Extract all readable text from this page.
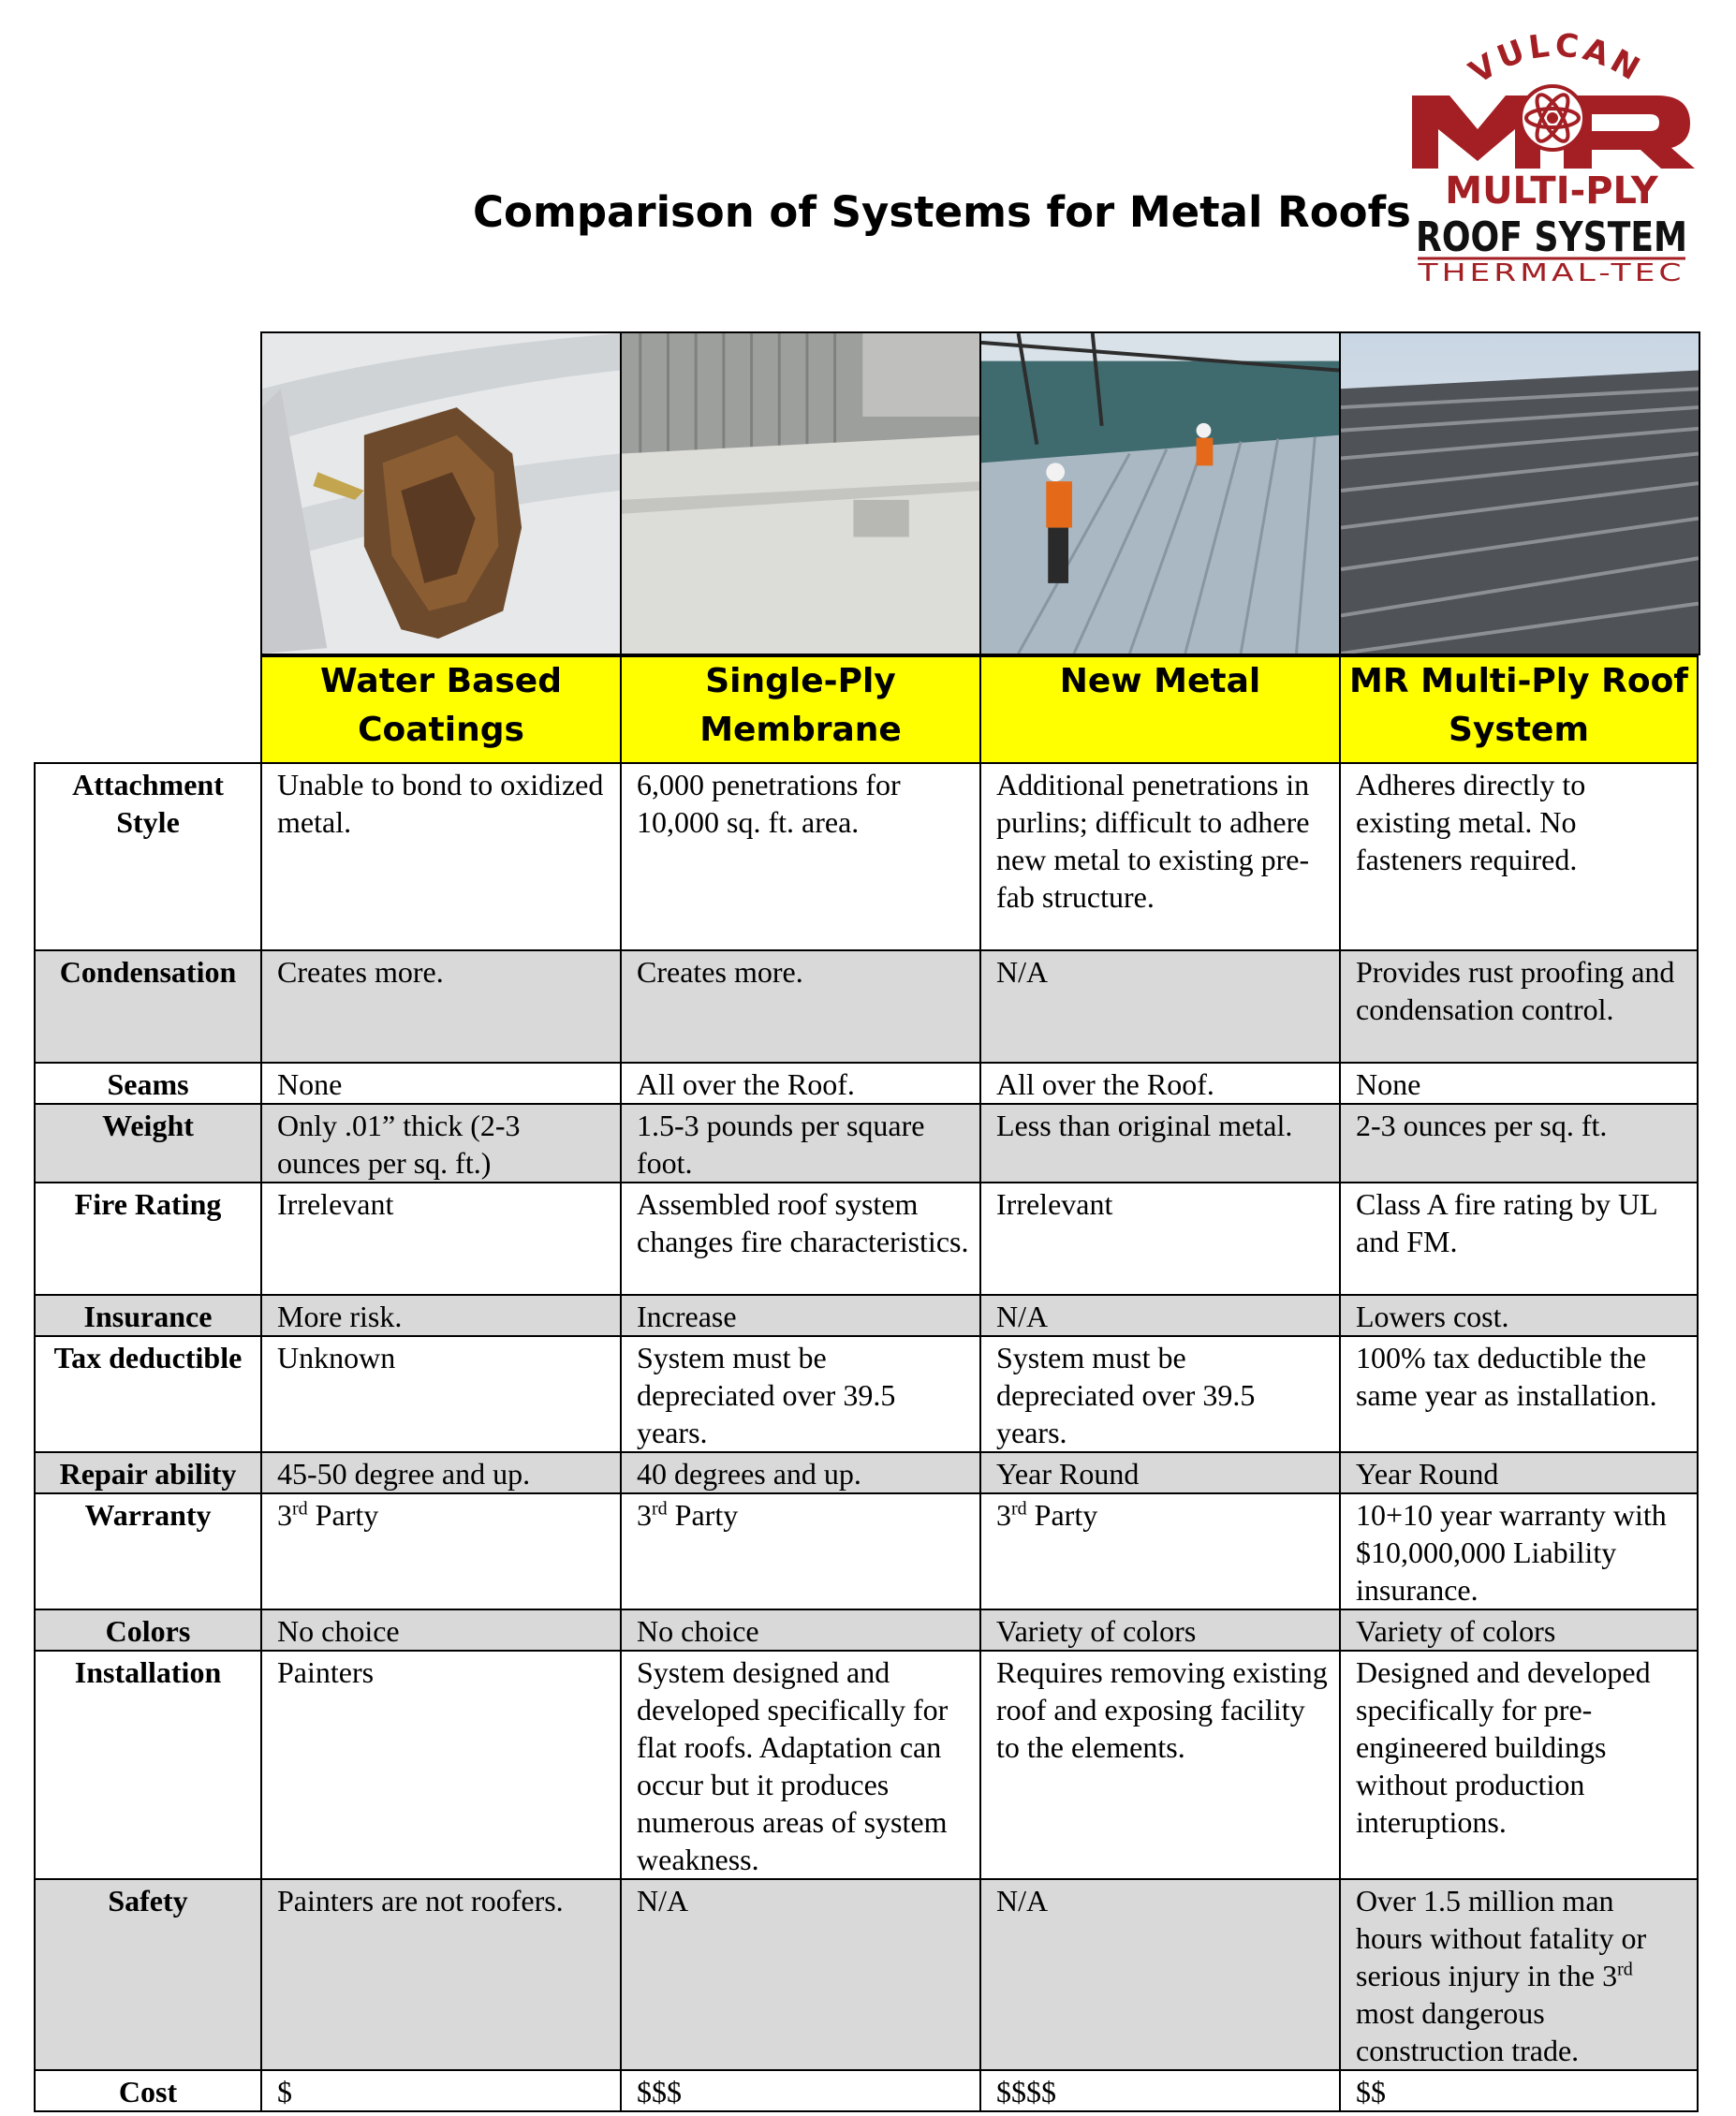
Comparison of Systems for Metal Roofs
VULCAN
MULTI-PLY
ROOF SYSTEM
THERMAL-TEC
	Water Based Coatings	Single-Ply Membrane	New Metal	MR Multi-Ply Roof System
Attachment Style	Unable to bond to oxidized metal.	6,000 penetrations for 10,000 sq. ft. area.	Additional penetrations in purlins; difficult to adhere new metal to existing pre-fab structure.	Adheres directly to existing metal. No fasteners required.
Condensation	Creates more.	Creates more.	N/A	Provides rust proofing and condensation control.
Seams	None	All over the Roof.	All over the Roof.	None
Weight	Only .01” thick (2-3 ounces per sq. ft.)	1.5-3 pounds per square foot.	Less than original metal.	2-3 ounces per sq. ft.
Fire Rating	Irrelevant	Assembled roof system changes fire characteristics.	Irrelevant	Class A fire rating by UL and FM.
Insurance	More risk.	Increase	N/A	Lowers cost.
Tax deductible	Unknown	System must be depreciated over 39.5 years.	System must be depreciated over 39.5 years.	100% tax deductible the same year as installation.
Repair ability	45-50 degree and up.	40 degrees and up.	Year Round	Year Round
Warranty	3rd Party	3rd Party	3rd Party	10+10 year warranty with $10,000,000 Liability insurance.
Colors	No choice	No choice	Variety of colors	Variety of colors
Installation	Painters	System designed and developed specifically for flat roofs. Adaptation can occur but it produces numerous areas of system weakness.	Requires removing existing roof and exposing facility to the elements.	Designed and developed specifically for pre-engineered buildings without production interuptions.
Safety	Painters are not roofers.	N/A	N/A	Over 1.5 million man hours without fatality or serious injury in the 3rd most dangerous construction trade.
Cost	$	$$$	$$$$	$$
